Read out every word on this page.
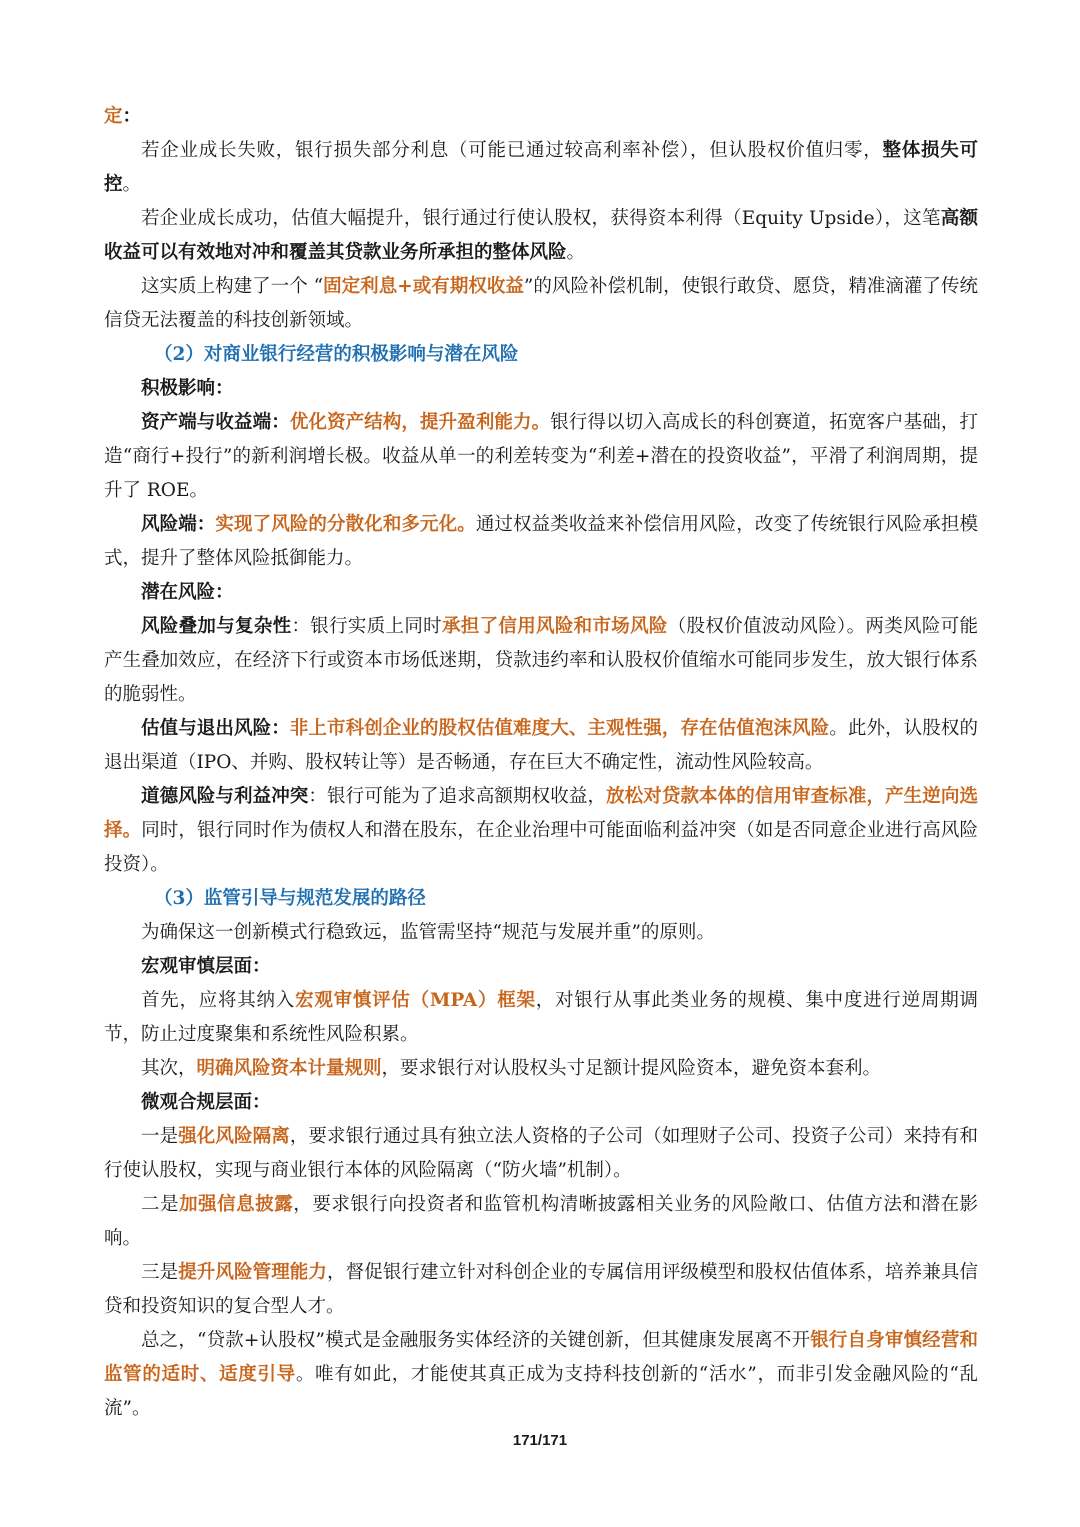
定：

若企业成长失败，银行损失部分利息（可能已通过较高利率补偿），但认股权价值归零，整体损失可控。

若企业成长成功，估值大幅提升，银行通过行使认股权，获得资本利得（Equity Upside），这笔高额收益可以有效地对冲和覆盖其贷款业务所承担的整体风险。

这实质上构建了一个 “固定利息+或有期权收益”的风险补偿机制，使银行敢贷、愿贷，精准滴灌了传统信贷无法覆盖的科技创新领域。

（2）对商业银行经营的积极影响与潜在风险

积极影响：

资产端与收益端：优化资产结构，提升盈利能力。银行得以切入高成长的科创赛道，拓宽客户基础，打造“商行+投行”的新利润增长极。收益从单一的利差转变为“利差+潜在的投资收益”，平滑了利润周期，提升了 ROE。

风险端：实现了风险的分散化和多元化。通过权益类收益来补偿信用风险，改变了传统银行风险承担模式，提升了整体风险抵御能力。

潜在风险：

风险叠加与复杂性：银行实质上同时承担了信用风险和市场风险（股权价值波动风险）。两类风险可能产生叠加效应，在经济下行或资本市场低迷期，贷款违约率和认股权价值缩水可能同步发生，放大银行体系的脆弱性。

估值与退出风险：非上市科创企业的股权估值难度大、主观性强，存在估值泡沫风险。此外，认股权的退出渠道（IPO、并购、股权转让等）是否畅通，存在巨大不确定性，流动性风险较高。

道德风险与利益冲突：银行可能为了追求高额期权收益，放松对贷款本体的信用审查标准，产生逆向选择。同时，银行同时作为债权人和潜在股东，在企业治理中可能面临利益冲突（如是否同意企业进行高风险投资）。

（3）监管引导与规范发展的路径

为确保这一创新模式行稳致远，监管需坚持“规范与发展并重”的原则。

宏观审慎层面：

首先，应将其纳入宏观审慎评估（MPA）框架，对银行从事此类业务的规模、集中度进行逆周期调节，防止过度聚集和系统性风险积累。

其次，明确风险资本计量规则，要求银行对认股权头寸足额计提风险资本，避免资本套利。

微观合规层面：

一是强化风险隔离，要求银行通过具有独立法人资格的子公司（如理财子公司、投资子公司）来持有和行使认股权，实现与商业银行本体的风险隔离（“防火墙”机制）。

二是加强信息披露，要求银行向投资者和监管机构清晰披露相关业务的风险敞口、估值方法和潜在影响。

三是提升风险管理能力，督促银行建立针对科创企业的专属信用评级模型和股权估值体系，培养兼具信贷和投资知识的复合型人才。

总之，“贷款+认股权”模式是金融服务实体经济的关键创新，但其健康发展离不开银行自身审慎经营和监管的适时、适度引导。唯有如此，才能使其真正成为支持科技创新的“活水”，而非引发金融风险的“乱流”。

171/171
